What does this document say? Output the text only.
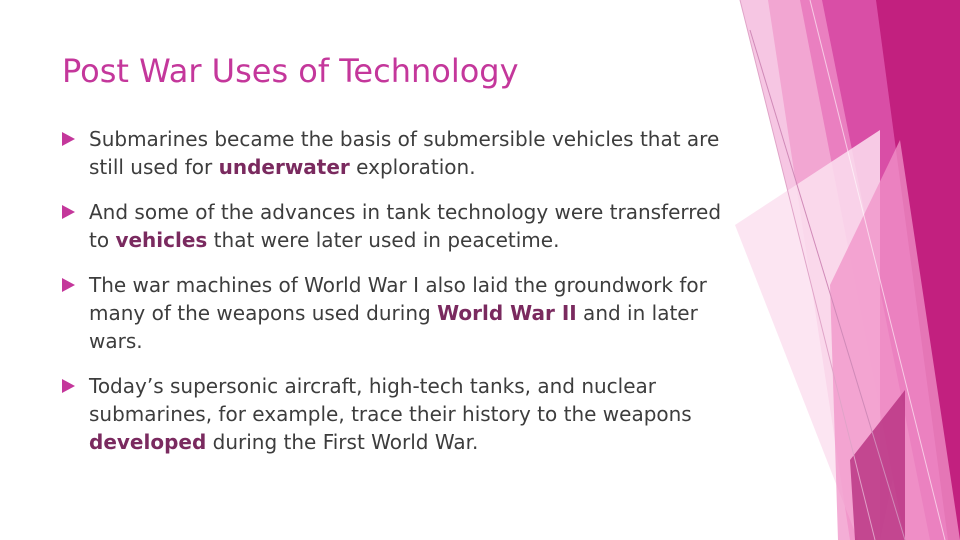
Post War Uses of Technology
Submarines became the basis of submersible vehicles that are still used for underwater exploration.
And some of the advances in tank technology were transferred to vehicles that were later used in peacetime.
The war machines of World War I also laid the groundwork for many of the weapons used during World War II and in later wars.
Today’s supersonic aircraft, high-tech tanks, and nuclear submarines, for example, trace their history to the weapons developed during the First World War.
